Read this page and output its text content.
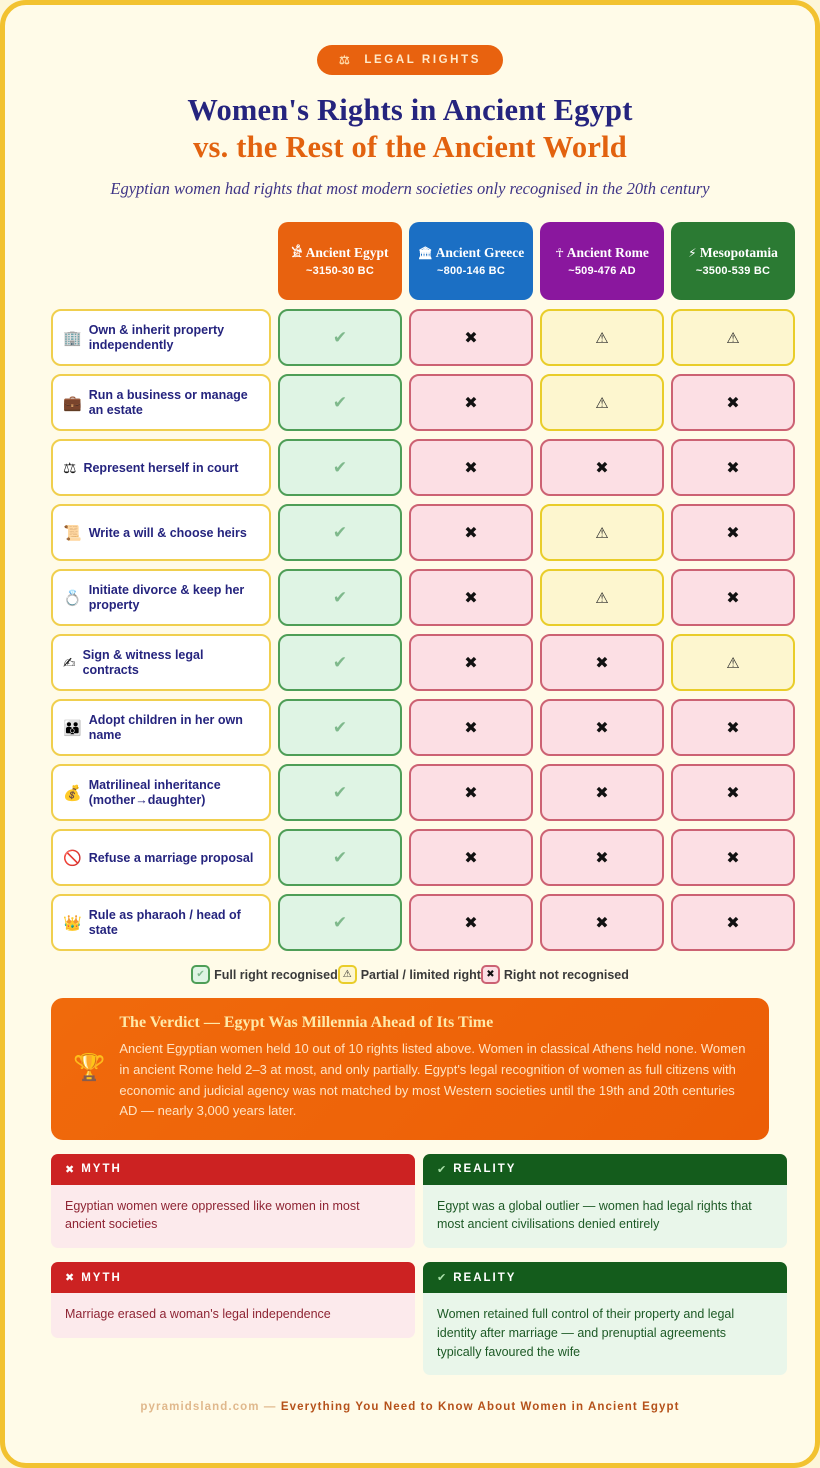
⚖ LEGAL RIGHTS
Women's Rights in Ancient Egypt
vs. the Rest of the Ancient World
Egyptian women had rights that most modern societies only recognised in the 20th century
𓀀 Ancient Egypt
~3150-30 BC
🏛 Ancient Greece
~800-146 BC
☥ Ancient Rome
~509-476 AD
⚡ Mesopotamia
~3500-539 BC
🏢 Own & inherit property independently	✔	✖	⚠	⚠
💼 Run a business or manage an estate	✔	✖	⚠	✖
⚖ Represent herself in court	✔	✖	✖	✖
📜 Write a will & choose heirs	✔	✖	⚠	✖
💍 Initiate divorce & keep her property	✔	✖	⚠	✖
✍ Sign & witness legal contracts	✔	✖	✖	⚠
👪 Adopt children in her own name	✔	✖	✖	✖
💰 Matrilineal inheritance (mother→daughter)	✔	✖	✖	✖
🚫 Refuse a marriage proposal	✔	✖	✖	✖
👑 Rule as pharaoh / head of state	✔	✖	✖	✖
✔ Full right recognised ⚠ Partial / limited right ✖ Right not recognised
🏆
The Verdict — Egypt Was Millennia Ahead of Its Time

Ancient Egyptian women held 10 out of 10 rights listed above. Women in classical Athens held none. Women in ancient Rome held 2–3 at most, and only partially. Egypt's legal recognition of women as full citizens with economic and judicial agency was not matched by most Western societies until the 19th and 20th centuries AD — nearly 3,000 years later.

✖ MYTH
Egyptian women were oppressed like women in most ancient societies
✔ REALITY
Egypt was a global outlier — women had legal rights that most ancient civilisations denied entirely
✖ MYTH
Marriage erased a woman's legal independence
✔ REALITY
Women retained full control of their property and legal identity after marriage — and prenuptial agreements typically favoured the wife
pyramidsland.com — Everything You Need to Know About Women in Ancient Egypt
